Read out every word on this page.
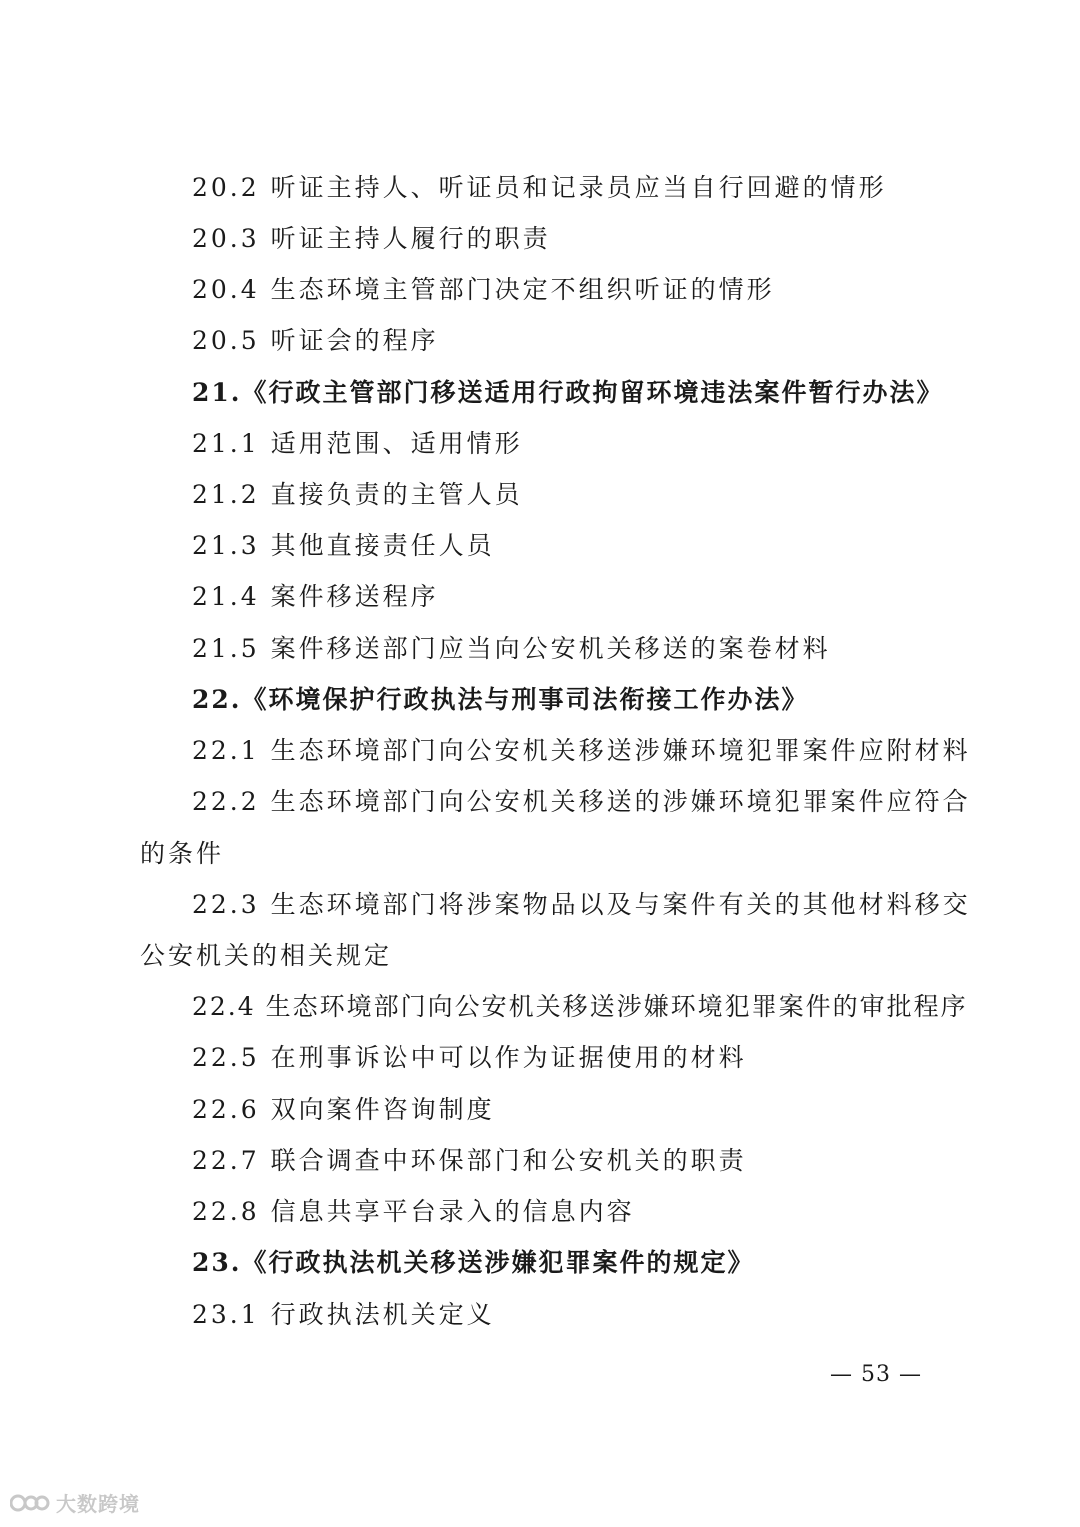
20.2 听证主持人、听证员和记录员应当自行回避的情形
20.3 听证主持人履行的职责
20.4 生态环境主管部门决定不组织听证的情形
20.5 听证会的程序
21.《行政主管部门移送适用行政拘留环境违法案件暂行办法》
21.1 适用范围、适用情形
21.2 直接负责的主管人员
21.3 其他直接责任人员
21.4 案件移送程序
21.5 案件移送部门应当向公安机关移送的案卷材料
22.《环境保护行政执法与刑事司法衔接工作办法》
22.1 生态环境部门向公安机关移送涉嫌环境犯罪案件应附材料
22.2 生态环境部门向公安机关移送的涉嫌环境犯罪案件应符合
的条件
22.3 生态环境部门将涉案物品以及与案件有关的其他材料移交
公安机关的相关规定
22.4 生态环境部门向公安机关移送涉嫌环境犯罪案件的审批程序
22.5 在刑事诉讼中可以作为证据使用的材料
22.6 双向案件咨询制度
22.7 联合调查中环保部门和公安机关的职责
22.8 信息共享平台录入的信息内容
23.《行政执法机关移送涉嫌犯罪案件的规定》
23.1 行政执法机关定义
— 53 —
大数跨境
